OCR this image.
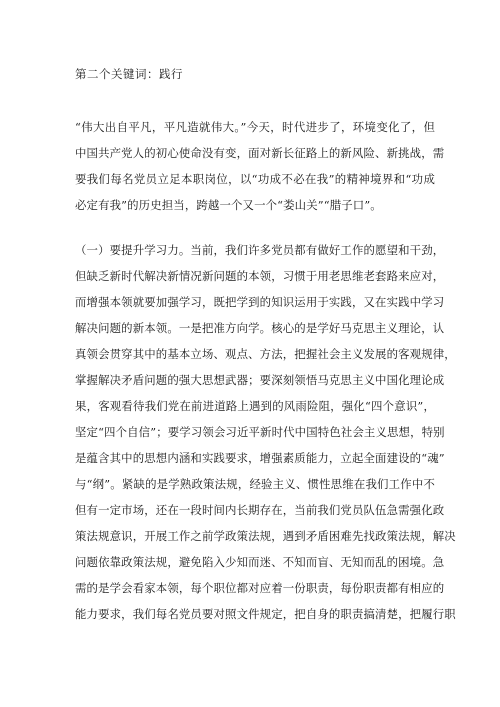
第二个关键词：践行
“伟大出自平凡，平凡造就伟大。”今天，时代进步了，环境变化了，但
中国共产党人的初心使命没有变，面对新长征路上的新风险、新挑战，需
要我们每名党员立足本职岗位，以“功成不必在我”的精神境界和“功成
必定有我”的历史担当，跨越一个又一个“娄山关”“腊子口”。
（一）要提升学习力。当前，我们许多党员都有做好工作的愿望和干劲，
但缺乏新时代解决新情况新问题的本领，习惯于用老思维老套路来应对，
而增强本领就要加强学习，既把学到的知识运用于实践，又在实践中学习
解决问题的新本领。一是把准方向学。核心的是学好马克思主义理论，认
真领会贯穿其中的基本立场、观点、方法，把握社会主义发展的客观规律，
掌握解决矛盾问题的强大思想武器；要深刻领悟马克思主义中国化理论成
果，客观看待我们党在前进道路上遇到的风雨险阻，强化“四个意识”，
坚定“四个自信”；要学习领会习近平新时代中国特色社会主义思想，特别
是蕴含其中的思想内涵和实践要求，增强素质能力，立起全面建设的“魂”
与“纲”。紧缺的是学熟政策法规，经验主义、惯性思维在我们工作中不
但有一定市场，还在一段时间内长期存在，当前我们党员队伍急需强化政
策法规意识，开展工作之前学政策法规，遇到矛盾困难先找政策法规，解决
问题依靠政策法规，避免陷入少知而迷、不知而盲、无知而乱的困境。急
需的是学会看家本领，每个职位都对应着一份职责，每份职责都有相应的
能力要求，我们每名党员要对照文件规定，把自身的职责搞清楚，把履行职
